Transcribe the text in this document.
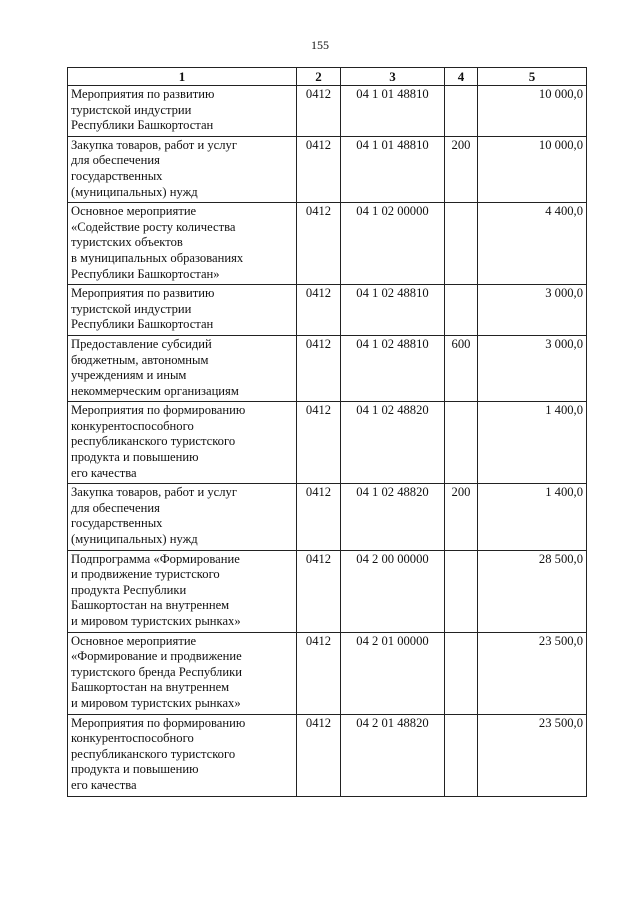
155
1	2	3	4	5
Мероприятия по развитию
туристской индустрии
Республики Башкортостан	0412	04 1 01 48810		10 000,0
Закупка товаров, работ и услуг
для обеспечения
государственных
(муниципальных) нужд	0412	04 1 01 48810	200	10 000,0
Основное мероприятие
«Содействие росту количества
туристских объектов
в муниципальных образованиях
Республики Башкортостан»	0412	04 1 02 00000		4 400,0
Мероприятия по развитию
туристской индустрии
Республики Башкортостан	0412	04 1 02 48810		3 000,0
Предоставление субсидий
бюджетным, автономным
учреждениям и иным
некоммерческим организациям	0412	04 1 02 48810	600	3 000,0
Мероприятия по формированию
конкурентоспособного
республиканского туристского
продукта и повышению
его качества	0412	04 1 02 48820		1 400,0
Закупка товаров, работ и услуг
для обеспечения
государственных
(муниципальных) нужд	0412	04 1 02 48820	200	1 400,0
Подпрограмма «Формирование
и продвижение туристского
продукта Республики
Башкортостан на внутреннем
и мировом туристских рынках»	0412	04 2 00 00000		28 500,0
Основное мероприятие
«Формирование и продвижение
туристского бренда Республики
Башкортостан на внутреннем
и мировом туристских рынках»	0412	04 2 01 00000		23 500,0
Мероприятия по формированию
конкурентоспособного
республиканского туристского
продукта и повышению
его качества	0412	04 2 01 48820		23 500,0
